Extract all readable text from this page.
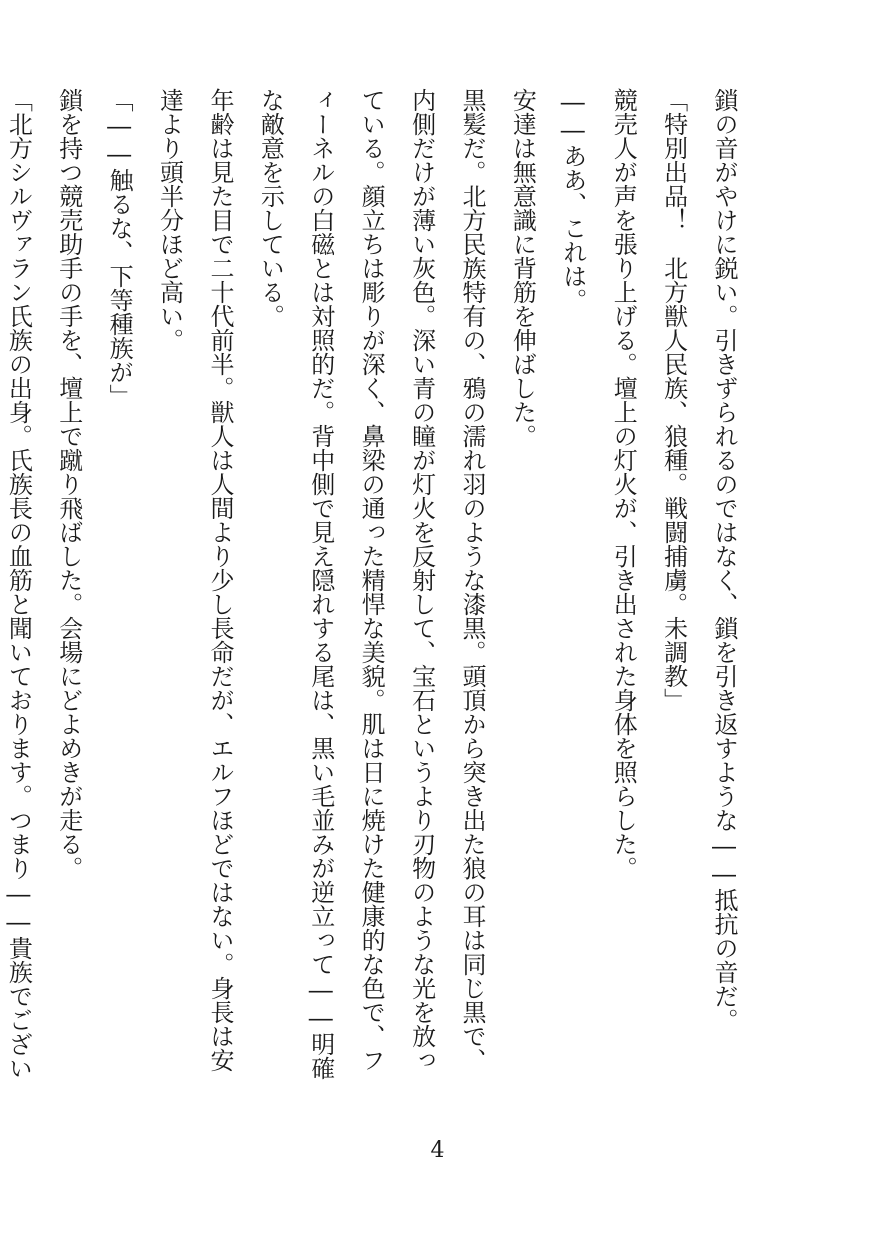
鎖の音がやけに鋭い。引きずられるのではなく、鎖を引き返すような――抵抗の音だ。

「特別出品！　北方獣人民族、狼種。戦闘捕虜。未調教」

競売人が声を張り上げる。壇上の灯火が、引き出された身体を照らした。

――ああ、これは。

安達は無意識に背筋を伸ばした。

黒髪だ。北方民族特有の、鴉の濡れ羽のような漆黒。頭頂から突き出た狼の耳は同じ黒で、内側だけが薄い灰色。深い青の瞳が灯火を反射して、宝石というより刃物のような光を放っている。顔立ちは彫りが深く、鼻梁の通った精悍な美貌。肌は日に焼けた健康的な色で、フィーネルの白磁とは対照的だ。背中側で見え隠れする尾は、黒い毛並みが逆立って――明確な敵意を示している。

年齢は見た目で二十代前半。獣人は人間より少し長命だが、エルフほどではない。身長は安達より頭半分ほど高い。

「――触るな、下等種族が」

鎖を持つ競売助手の手を、壇上で蹴り飛ばした。会場にどよめきが走る。

「北方シルヴァラン氏族の出身。氏族長の血筋と聞いております。つまり――貴族でござい

4
